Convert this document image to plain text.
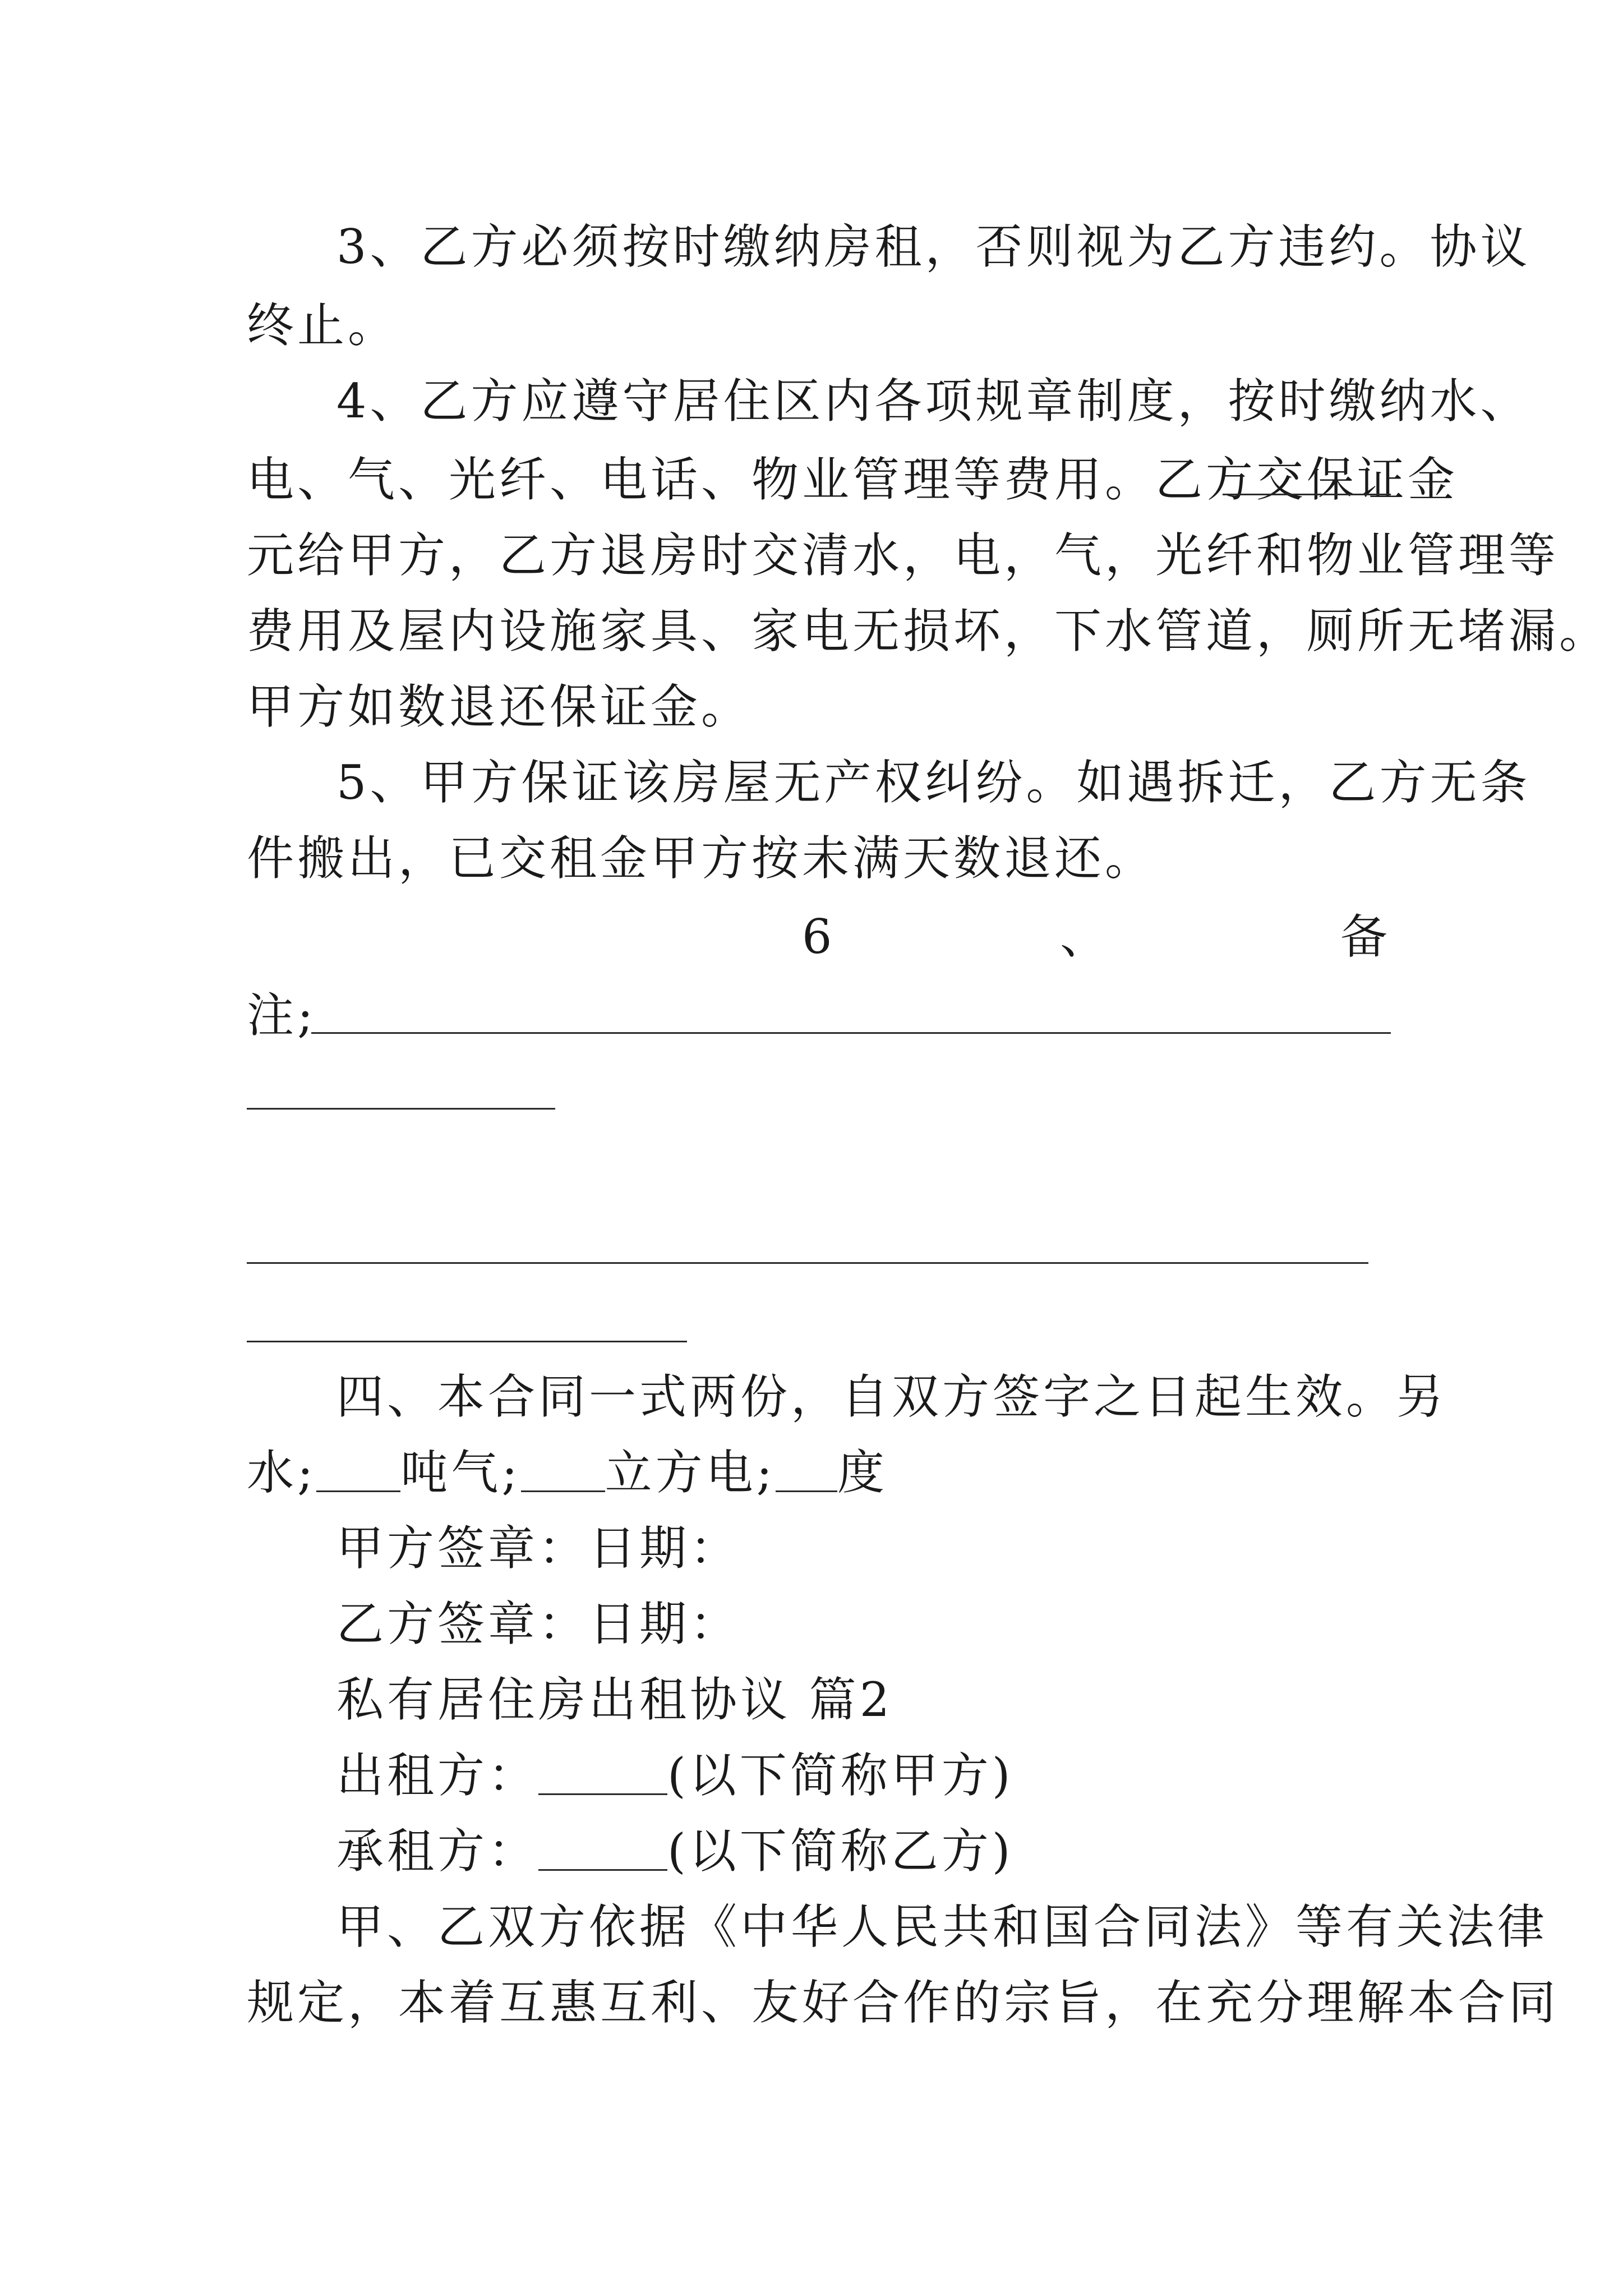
3、乙方必须按时缴纳房租，否则视为乙方违约。协议
终止。
4、乙方应遵守居住区内各项规章制度，按时缴纳水、
电、气、光纤、电话、物业管理等费用。乙方交保证金
元给甲方，乙方退房时交清水，电，气，光纤和物业管理等
费用及屋内设施家具、家电无损坏，下水管道，厕所无堵漏。
甲方如数退还保证金。
5、甲方保证该房屋无产权纠纷。如遇拆迁，乙方无条
件搬出，已交租金甲方按未满天数退还。
6	、	备
注;
四、本合同一式两份，自双方签字之日起生效。另
水; 吨气; 立方电; 度
甲方签章：日期：
乙方签章：日期：
私有居住房出租协议 篇2
出租方：	(以下简称甲方)
承租方：	(以下简称乙方)
甲、乙双方依据《中华人民共和国合同法》等有关法律
规定，本着互惠互利、友好合作的宗旨，在充分理解本合同
